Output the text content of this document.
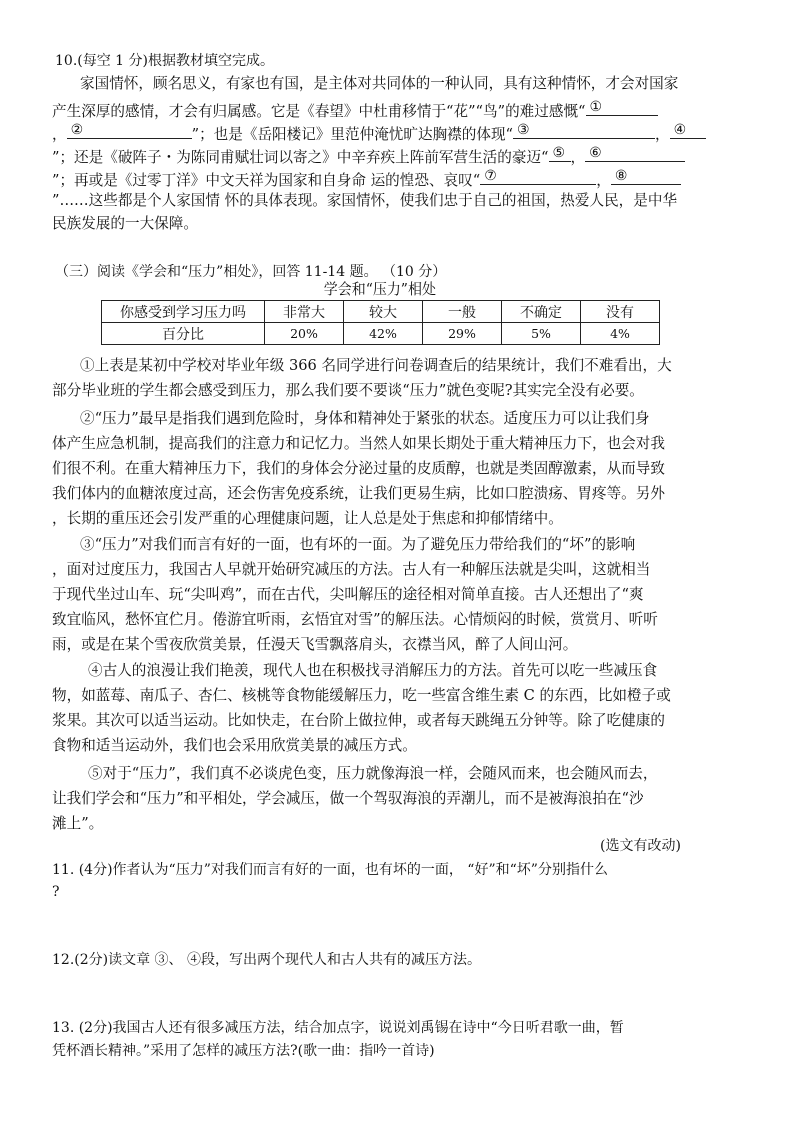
10.(每空 1 分)根据教材填空完成。
家国情怀，顾名思义，有家也有国，是主体对共同体的一种认同，具有这种情怀，才会对国家
产生深厚的感情，才会有归属感。它是《春望》中杜甫移情于“花”“鸟”的难过感慨“ ①
， ②	”；也是《岳阳楼记》里范仲淹忧旷达胸襟的体现“ ③	， ④
”；还是《破阵子・为陈同甫赋壮词以寄之》中辛弃疾上阵前军营生活的豪迈“ ⑤ ， ⑥
”；再或是《过零丁洋》中文天祥为国家和自身命 运的惶恐、哀叹“ ⑦	， ⑧
”……这些都是个人家国情 怀的具体表现。家国情怀，使我们忠于自己的祖国，热爱人民，是中华
民族发展的一大保障。
（三）阅读《学会和“压力”相处》，回答 11-14 题。 （10 分）
学会和“压力”相处
你感受到学习压力吗	非常大	较大	一般	不确定	没有
百分比	20%	42%	29%	5%	4%
①上表是某初中学校对毕业年级 366 名同学进行问卷调查后的结果统计，我们不难看出，大
部分毕业班的学生都会感受到压力，那么我们要不要谈“压力”就色变呢?其实完全没有必要。
②“压力”最早是指我们遇到危险时，身体和精神处于紧张的状态。适度压力可以让我们身
体产生应急机制，提高我们的注意力和记忆力。当然人如果长期处于重大精神压力下，也会对我
们很不利。在重大精神压力下，我们的身体会分泌过量的皮质醇，也就是类固醇激素，从而导致
我们体内的血糖浓度过高，还会伤害免疫系统，让我们更易生病，比如口腔溃疡、胃疼等。另外
，长期的重压还会引发严重的心理健康问题，让人总是处于焦虑和抑郁情绪中。
③“压力”对我们而言有好的一面，也有坏的一面。为了避免压力带给我们的“坏”的影响
，面对过度压力，我国古人早就开始研究减压的方法。古人有一种解压法就是尖叫，这就相当
于现代坐过山车、玩“尖叫鸡”，而在古代，尖叫解压的途径相对简单直接。古人还想出了“爽
致宜临风，愁怀宜伫月。倦游宜听雨，玄悟宜对雪”的解压法。心情烦闷的时候，赏赏月、听听
雨，或是在某个雪夜欣赏美景，任漫天飞雪飘落肩头，衣襟当风，醉了人间山河。
④古人的浪漫让我们艳羡，现代人也在积极找寻消解压力的方法。首先可以吃一些减压食
物，如蓝莓、南瓜子、杏仁、核桃等食物能缓解压力，吃一些富含维生素 C 的东西，比如橙子或
浆果。其次可以适当运动。比如快走，在台阶上做拉伸，或者每天跳绳五分钟等。除了吃健康的
食物和适当运动外，我们也会采用欣赏美景的减压方式。
⑤对于“压力”，我们真不必谈虎色变，压力就像海浪一样，会随风而来，也会随风而去，
让我们学会和“压力”和平相处，学会减压，做一个驾驭海浪的弄潮儿，而不是被海浪拍在“沙
滩上”。
(选文有改动)
11. (4分)作者认为“压力”对我们而言有好的一面，也有坏的一面， “好”和“坏”分别指什么
?
12.(2分)读文章 ③、 ④段，写出两个现代人和古人共有的减压方法。
13. (2分)我国古人还有很多减压方法，结合加点字，说说刘禹锡在诗中“今日听君歌一曲，暂
凭杯酒长精神。”采用了怎样的减压方法?(歌一曲：指吟一首诗)
